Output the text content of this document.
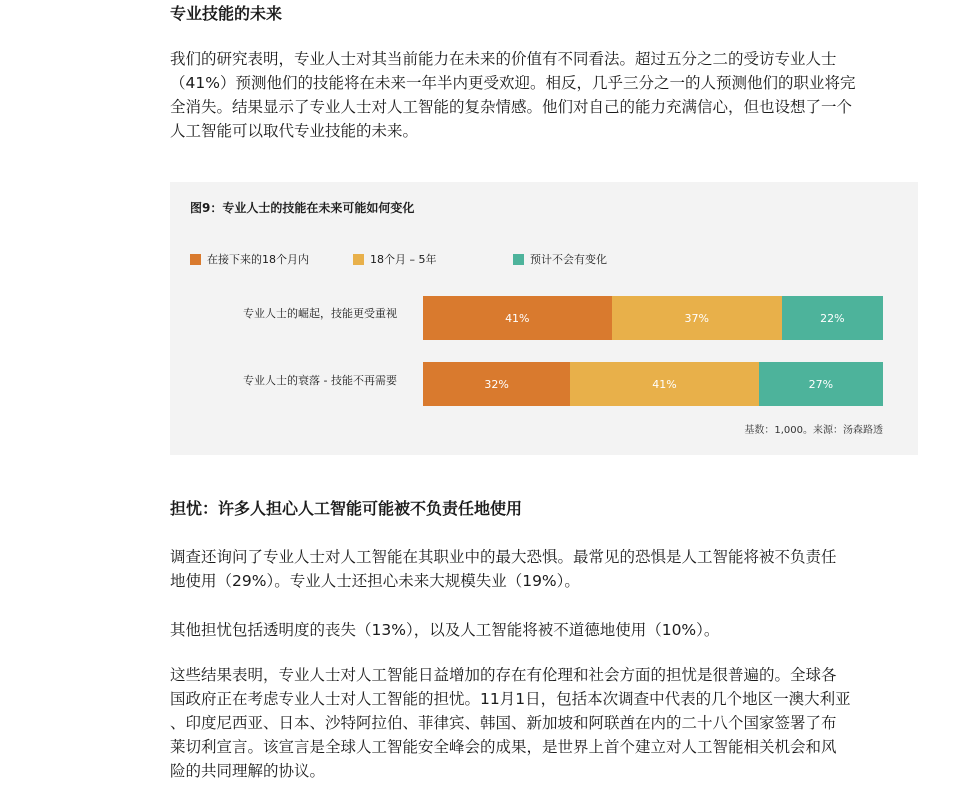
专业技能的未来
我们的研究表明，专业人士对其当前能力在未来的价值有不同看法。超过五分之二的受访专业人士
（41%）预测他们的技能将在未来一年半内更受欢迎。相反，几乎三分之一的人预测他们的职业将完
全消失。结果显示了专业人士对人工智能的复杂情感。他们对自己的能力充满信心，但也设想了一个
人工智能可以取代专业技能的未来。
图9：专业人士的技能在未来可能如何变化
在接下来的18个月内	18个月 – 5年	预计不会有变化
专业人士的崛起，技能更受重视	41%	37%	22%
专业人士的衰落 - 技能不再需要	32%	41%	27%
基数：1,000。来源：汤森路透
担忧：许多人担心人工智能可能被不负责任地使用
调查还询问了专业人士对人工智能在其职业中的最大恐惧。最常见的恐惧是人工智能将被不负责任
地使用（29%）。专业人士还担心未来大规模失业（19%）。
其他担忧包括透明度的丧失（13%），以及人工智能将被不道德地使用（10%）。
这些结果表明，专业人士对人工智能日益增加的存在有伦理和社会方面的担忧是很普遍的。全球各
国政府正在考虑专业人士对人工智能的担忧。11月1日，包括本次调查中代表的几个地区一澳大利亚
、印度尼西亚、日本、沙特阿拉伯、菲律宾、韩国、新加坡和阿联酋在内的二十八个国家签署了布
莱切利宣言。该宣言是全球人工智能安全峰会的成果，是世界上首个建立对人工智能相关机会和风
险的共同理解的协议。
